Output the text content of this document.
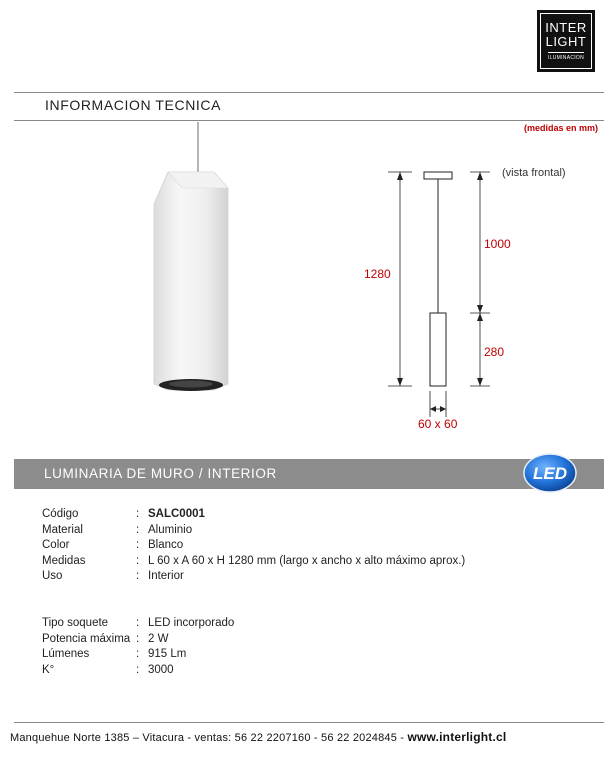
INTER
LIGHT
ILUMINACION
INFORMACION TECNICA
(medidas en mm)
(vista frontal)
1280
1000
280
60 x 60
LUMINARIA DE MURO / INTERIOR	LED
Código	: SALC0001
Material	: Aluminio
Color	: Blanco
Medidas	: L 60 x A 60 x H 1280 mm (largo x ancho x alto máximo aprox.)
Uso	: Interior
Tipo soquete : LED incorporado
Potencia máxima : 2 W
Lúmenes	: 915 Lm
K°	: 3000
Manquehue Norte 1385 – Vitacura - ventas: 56 22 2207160 - 56 22 2024845 - www.interlight.cl
